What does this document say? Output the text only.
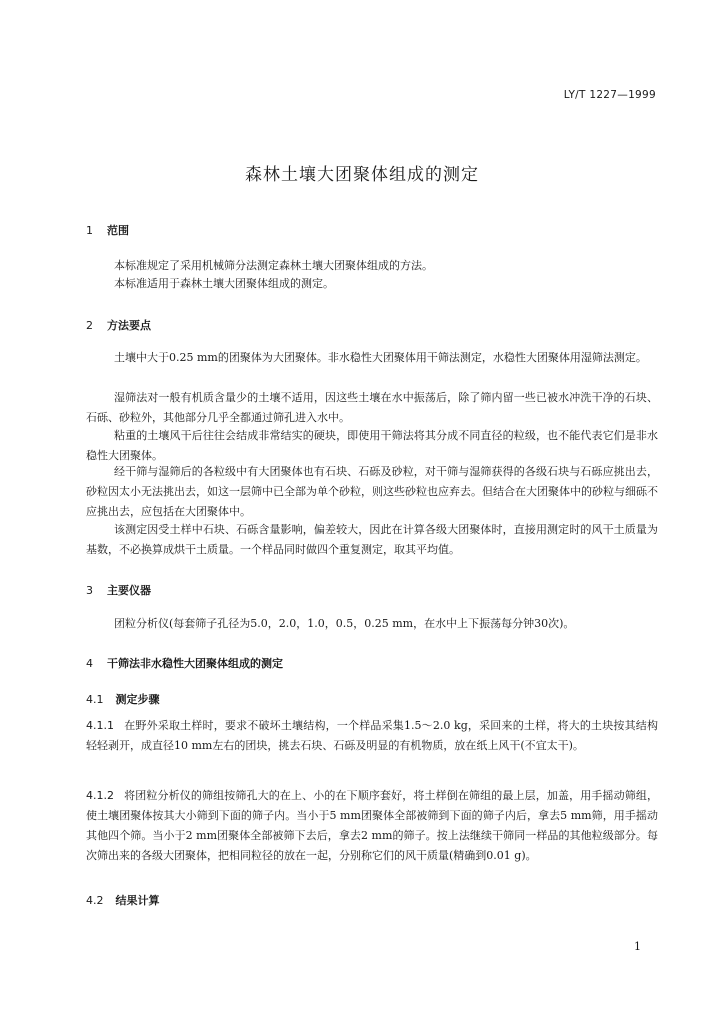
LY/T 1227—1999
森林土壤大团聚体组成的测定
1 范围
本标准规定了采用机械筛分法测定森林土壤大团聚体组成的方法。
本标准适用于森林土壤大团聚体组成的测定。
2 方法要点
土壤中大于0.25 mm的团聚体为大团聚体。非水稳性大团聚体用干筛法测定，水稳性大团聚体用湿筛法测定。
湿筛法对一般有机质含量少的土壤不适用，因这些土壤在水中振荡后，除了筛内留一些已被水冲洗干净的石块、石砾、砂粒外，其他部分几乎全都通过筛孔进入水中。
粘重的土壤风干后往往会结成非常结实的硬块，即使用干筛法将其分成不同直径的粒级，也不能代表它们是非水稳性大团聚体。
经干筛与湿筛后的各粒级中有大团聚体也有石块、石砾及砂粒，对干筛与湿筛获得的各级石块与石砾应挑出去，砂粒因太小无法挑出去，如这一层筛中已全部为单个砂粒，则这些砂粒也应弃去。但结合在大团聚体中的砂粒与细砾不应挑出去，应包括在大团聚体中。
该测定因受土样中石块、石砾含量影响，偏差较大，因此在计算各级大团聚体时，直接用测定时的风干土质量为基数，不必换算成烘干土质量。一个样品同时做四个重复测定，取其平均值。
3 主要仪器
团粒分析仪(每套筛子孔径为5.0，2.0，1.0，0.5，0.25 mm，在水中上下振荡每分钟30次)。
4 干筛法非水稳性大团聚体组成的测定
4.1 测定步骤
4.1.1 在野外采取土样时，要求不破坏土壤结构，一个样品采集1.5～2.0 kg，采回来的土样，将大的土块按其结构轻轻剥开，成直径10 mm左右的团块，挑去石块、石砾及明显的有机物质，放在纸上风干(不宜太干)。
4.1.2 将团粒分析仪的筛组按筛孔大的在上、小的在下顺序套好，将土样倒在筛组的最上层，加盖，用手摇动筛组，使土壤团聚体按其大小筛到下面的筛子内。当小于5 mm团聚体全部被筛到下面的筛子内后，拿去5 mm筛，用手摇动其他四个筛。当小于2 mm团聚体全部被筛下去后，拿去2 mm的筛子。按上法继续干筛同一样品的其他粒级部分。每次筛出来的各级大团聚体，把相同粒径的放在一起，分别称它们的风干质量(精确到0.01 g)。
4.2 结果计算
1
